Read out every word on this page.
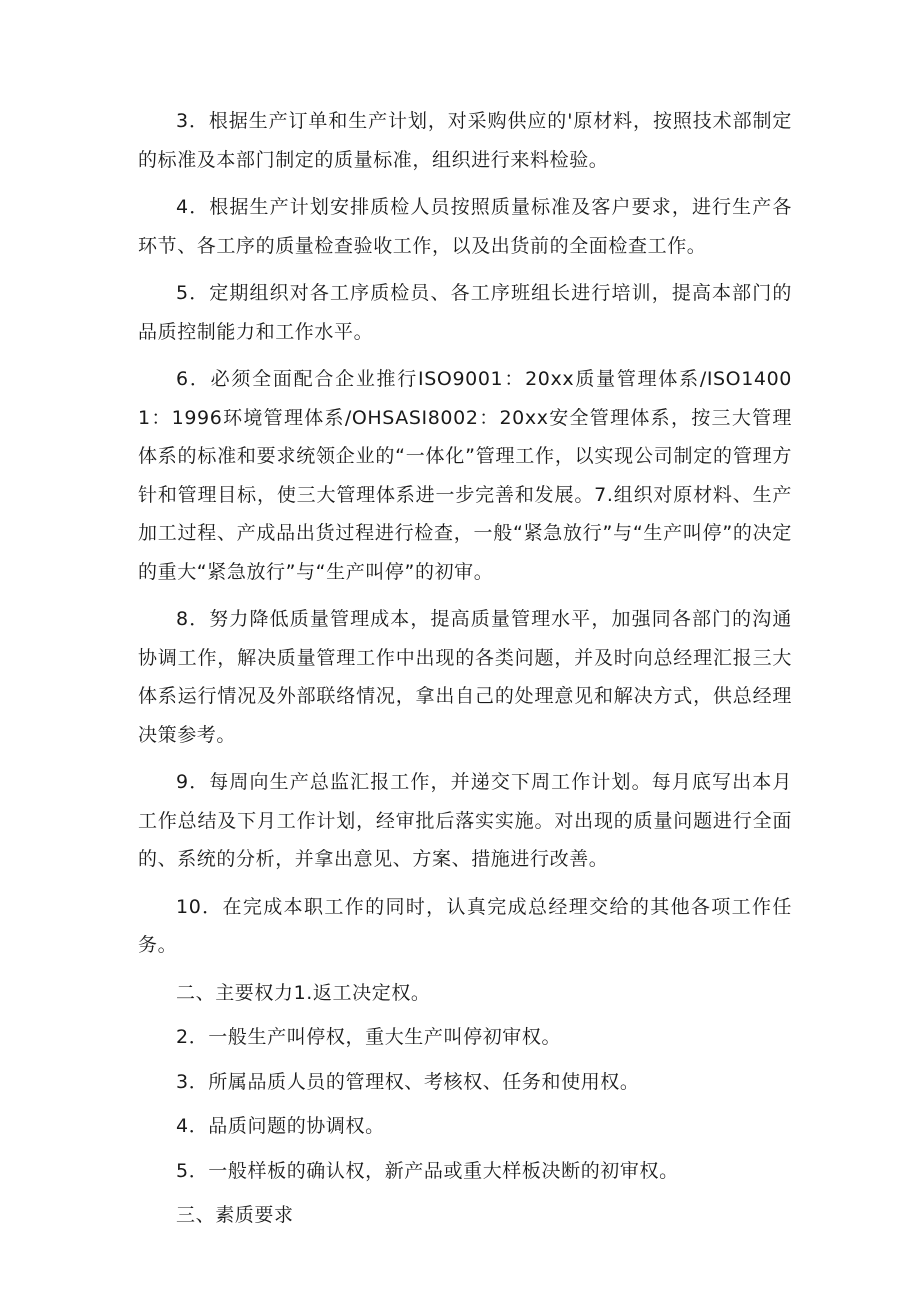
3．根据生产订单和生产计划，对采购供应的'原材料，按照技术部制定的标准及本部门制定的质量标准，组织进行来料检验。

4．根据生产计划安排质检人员按照质量标准及客户要求，进行生产各环节、各工序的质量检查验收工作，以及出货前的全面检查工作。

5．定期组织对各工序质检员、各工序班组长进行培训，提高本部门的品质控制能力和工作水平。

6．必须全面配合企业推行ISO9001：20xx质量管理体系/ISO14001：1996环境管理体系/OHSASI8002：20xx安全管理体系，按三大管理体系的标准和要求统领企业的“一体化”管理工作，以实现公司制定的管理方针和管理目标，使三大管理体系进一步完善和发展。7.组织对原材料、生产加工过程、产成品出货过程进行检查，一般“紧急放行”与“生产叫停”的决定的重大“紧急放行”与“生产叫停”的初审。

8．努力降低质量管理成本，提高质量管理水平，加强同各部门的沟通协调工作，解决质量管理工作中出现的各类问题，并及时向总经理汇报三大体系运行情况及外部联络情况，拿出自己的处理意见和解决方式，供总经理决策参考。

9．每周向生产总监汇报工作，并递交下周工作计划。每月底写出本月工作总结及下月工作计划，经审批后落实实施。对出现的质量问题进行全面的、系统的分析，并拿出意见、方案、措施进行改善。

10．在完成本职工作的同时，认真完成总经理交给的其他各项工作任务。

二、主要权力1.返工决定权。

2．一般生产叫停权，重大生产叫停初审权。

3．所属品质人员的管理权、考核权、任务和使用权。

4．品质问题的协调权。

5．一般样板的确认权，新产品或重大样板决断的初审权。

三、素质要求
